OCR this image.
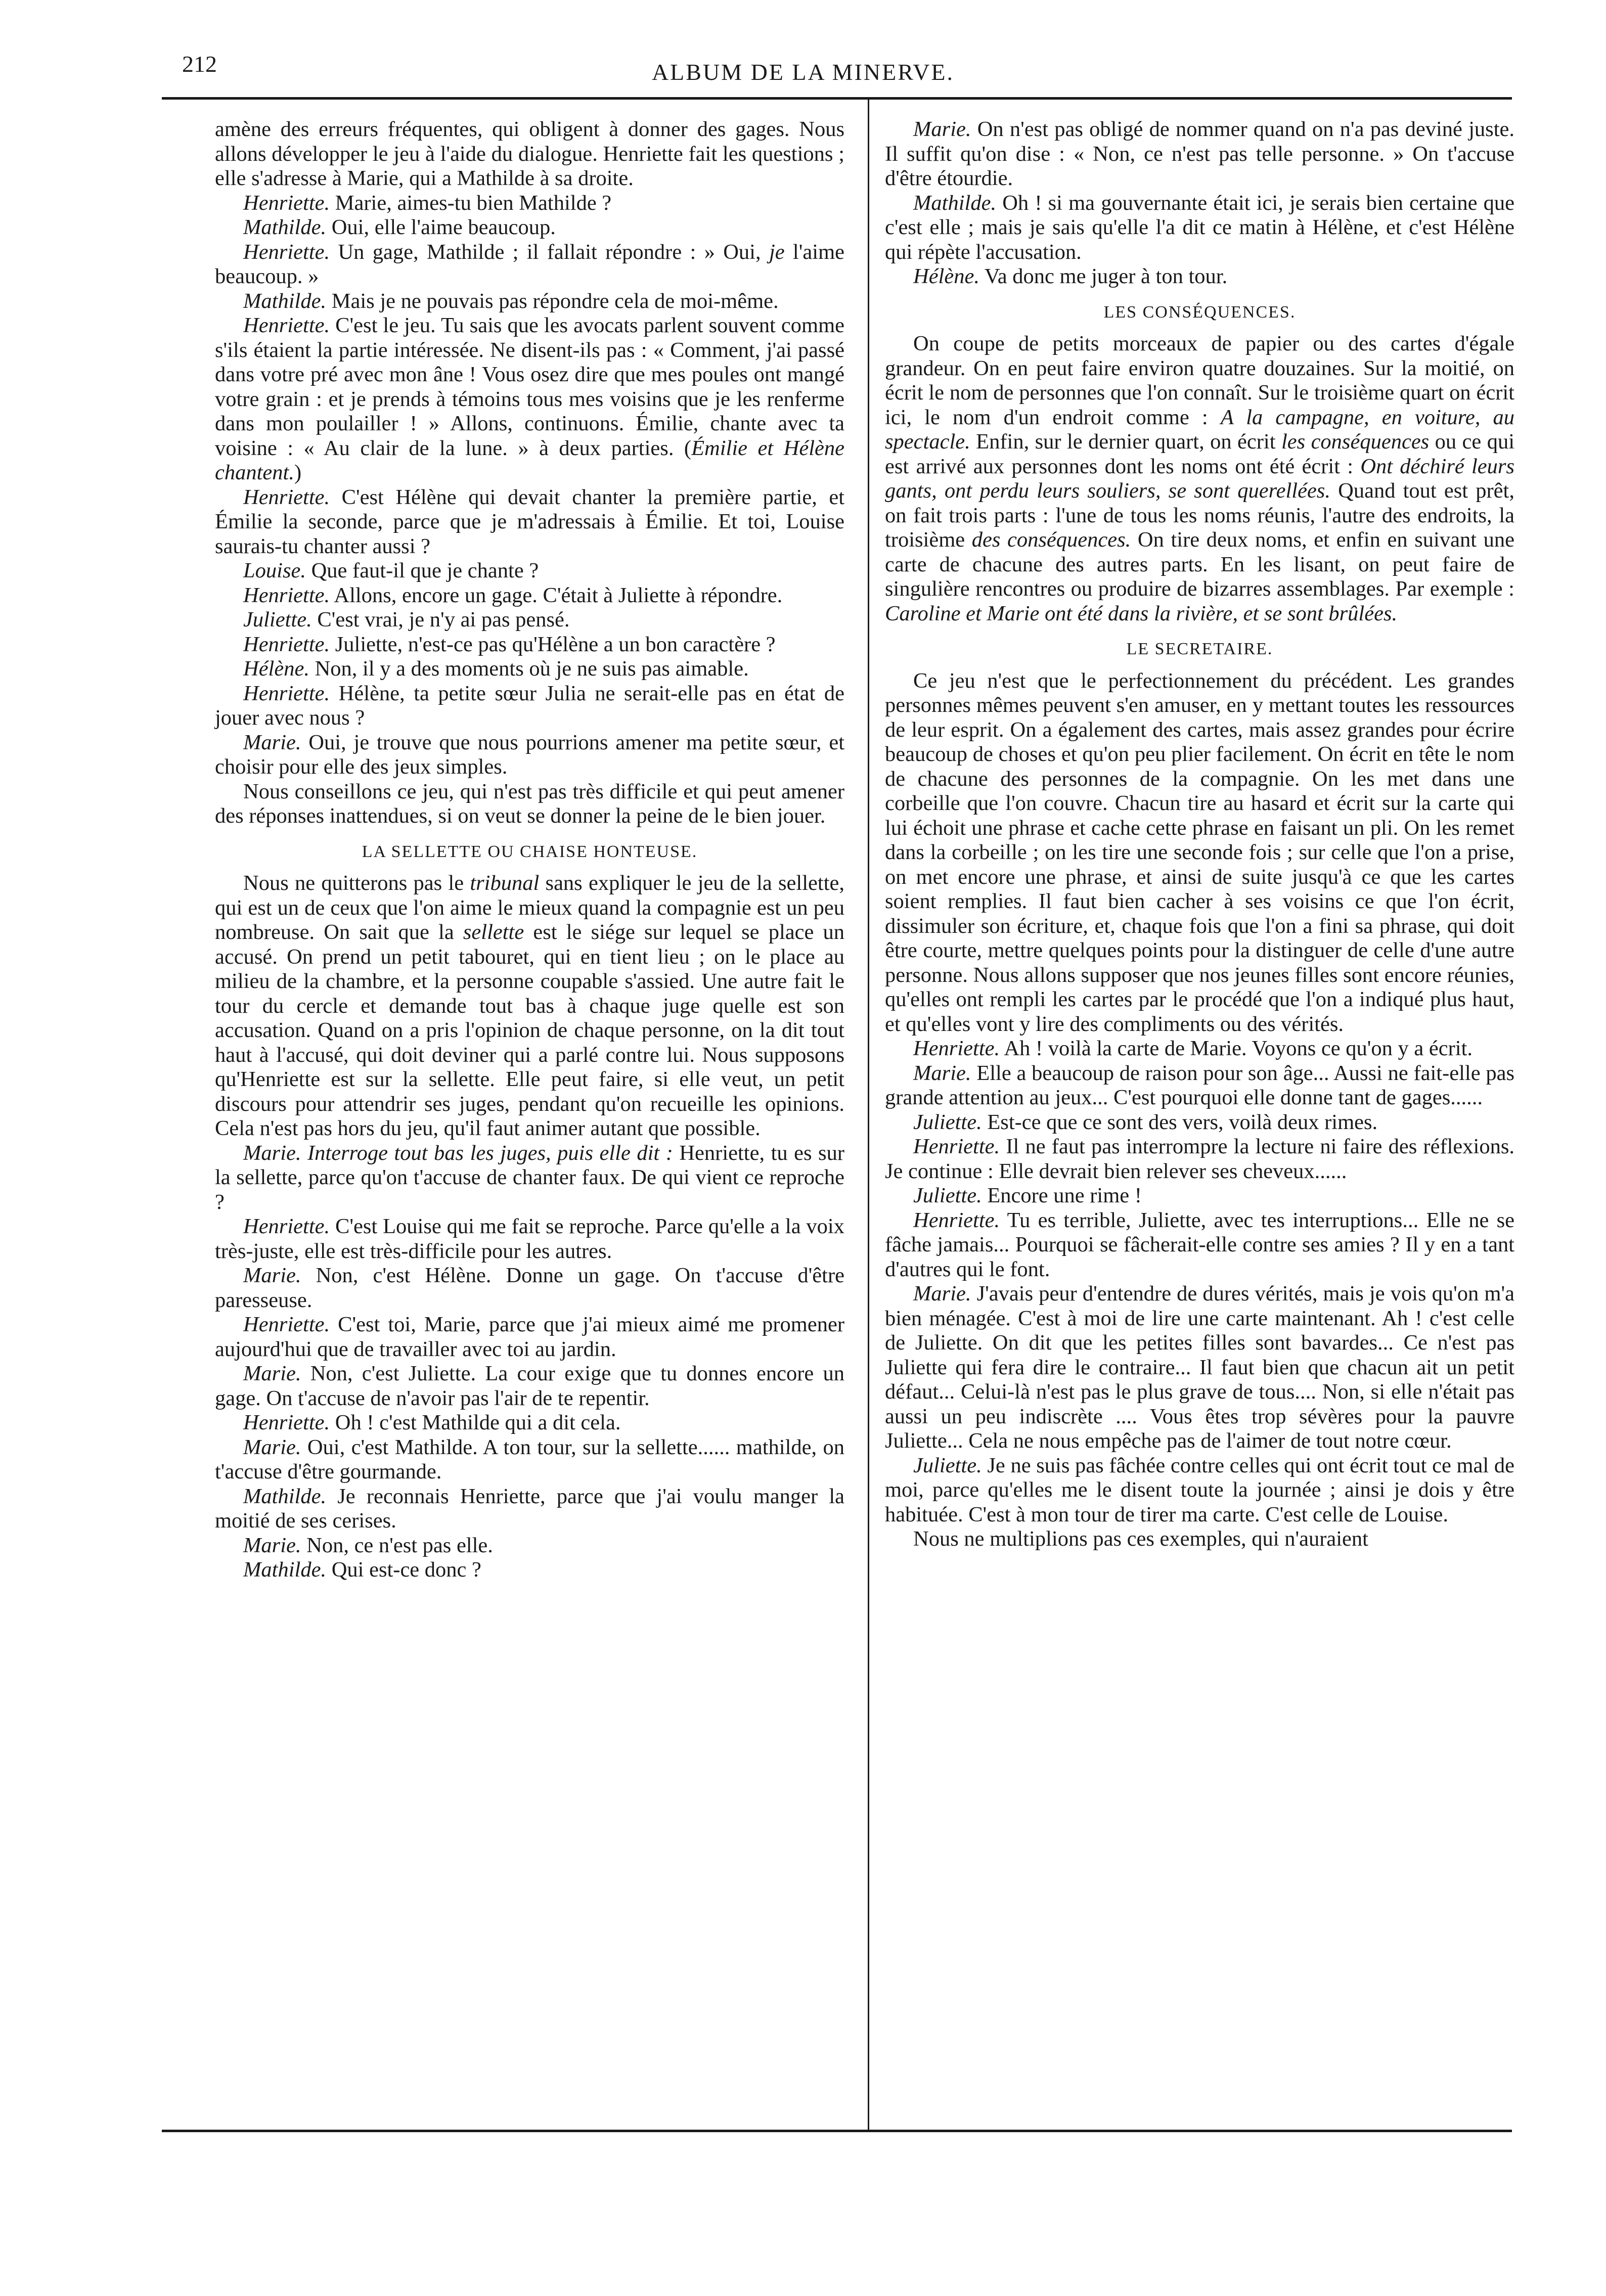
212	ALBUM DE LA MINERVE.

amène des erreurs fréquentes, qui obligent à donner des gages. Nous allons développer le jeu à l'aide du dialogue. Henriette fait les questions ; elle s'adresse à Marie, qui a Mathilde à sa droite.

Henriette. Marie, aimes-tu bien Mathilde ?

Mathilde. Oui, elle l'aime beaucoup.

Henriette. Un gage, Mathilde ; il fallait répondre : » Oui, je l'aime beaucoup. »

Mathilde. Mais je ne pouvais pas répondre cela de moi-même.

Henriette. C'est le jeu. Tu sais que les avocats parlent souvent comme s'ils étaient la partie intéressée. Ne disent-ils pas : « Comment, j'ai passé dans votre pré avec mon âne ! Vous osez dire que mes poules ont mangé votre grain : et je prends à témoins tous mes voisins que je les renferme dans mon poulailler ! » Allons, continuons. Émilie, chante avec ta voisine : « Au clair de la lune. » à deux parties. (Émilie et Hélène chantent.)

Henriette. C'est Hélène qui devait chanter la première partie, et Émilie la seconde, parce que je m'adressais à Émilie. Et toi, Louise saurais-tu chanter aussi ?

Louise. Que faut-il que je chante ?

Henriette. Allons, encore un gage. C'était à Juliette à répondre.

Juliette. C'est vrai, je n'y ai pas pensé.

Henriette. Juliette, n'est-ce pas qu'Hélène a un bon caractère ?

Hélène. Non, il y a des moments où je ne suis pas aimable.

Henriette. Hélène, ta petite sœur Julia ne serait-elle pas en état de jouer avec nous ?

Marie. Oui, je trouve que nous pourrions amener ma petite sœur, et choisir pour elle des jeux simples.

Nous conseillons ce jeu, qui n'est pas très difficile et qui peut amener des réponses inattendues, si on veut se donner la peine de le bien jouer.

LA SELLETTE OU CHAISE HONTEUSE.

Nous ne quitterons pas le tribunal sans expliquer le jeu de la sellette, qui est un de ceux que l'on aime le mieux quand la compagnie est un peu nombreuse. On sait que la sellette est le siége sur lequel se place un accusé. On prend un petit tabouret, qui en tient lieu ; on le place au milieu de la chambre, et la personne coupable s'assied. Une autre fait le tour du cercle et demande tout bas à chaque juge quelle est son accusation. Quand on a pris l'opinion de chaque personne, on la dit tout haut à l'accusé, qui doit deviner qui a parlé contre lui. Nous supposons qu'Henriette est sur la sellette. Elle peut faire, si elle veut, un petit discours pour attendrir ses juges, pendant qu'on recueille les opinions. Cela n'est pas hors du jeu, qu'il faut animer autant que possible.

Marie. Interroge tout bas les juges, puis elle dit : Henriette, tu es sur la sellette, parce qu'on t'accuse de chanter faux. De qui vient ce reproche ?

Henriette. C'est Louise qui me fait se reproche. Parce qu'elle a la voix très-juste, elle est très-difficile pour les autres.

Marie. Non, c'est Hélène. Donne un gage. On t'accuse d'être paresseuse.

Henriette. C'est toi, Marie, parce que j'ai mieux aimé me promener aujourd'hui que de travailler avec toi au jardin.

Marie. Non, c'est Juliette. La cour exige que tu donnes encore un gage. On t'accuse de n'avoir pas l'air de te repentir.

Henriette. Oh ! c'est Mathilde qui a dit cela.

Marie. Oui, c'est Mathilde. A ton tour, sur la sellette...... mathilde, on t'accuse d'être gourmande.

Mathilde. Je reconnais Henriette, parce que j'ai voulu manger la moitié de ses cerises.

Marie. Non, ce n'est pas elle.

Mathilde. Qui est-ce donc ?

Marie. On n'est pas obligé de nommer quand on n'a pas deviné juste. Il suffit qu'on dise : « Non, ce n'est pas telle personne. » On t'accuse d'être étourdie.

Mathilde. Oh ! si ma gouvernante était ici, je serais bien certaine que c'est elle ; mais je sais qu'elle l'a dit ce matin à Hélène, et c'est Hélène qui répète l'accusation.

Hélène. Va donc me juger à ton tour.

LES CONSÉQUENCES.

On coupe de petits morceaux de papier ou des cartes d'égale grandeur. On en peut faire environ quatre douzaines. Sur la moitié, on écrit le nom de personnes que l'on connaît. Sur le troisième quart on écrit ici, le nom d'un endroit comme : A la campagne, en voiture, au spectacle. Enfin, sur le dernier quart, on écrit les conséquences ou ce qui est arrivé aux personnes dont les noms ont été écrit : Ont déchiré leurs gants, ont perdu leurs souliers, se sont querellées. Quand tout est prêt, on fait trois parts : l'une de tous les noms réunis, l'autre des endroits, la troisième des conséquences. On tire deux noms, et enfin en suivant une carte de chacune des autres parts. En les lisant, on peut faire de singulière rencontres ou produire de bizarres assemblages. Par exemple : Caroline et Marie ont été dans la rivière, et se sont brûlées.

LE SECRETAIRE.

Ce jeu n'est que le perfectionnement du précédent. Les grandes personnes mêmes peuvent s'en amuser, en y mettant toutes les ressources de leur esprit. On a également des cartes, mais assez grandes pour écrire beaucoup de choses et qu'on peu plier facilement. On écrit en tête le nom de chacune des personnes de la compagnie. On les met dans une corbeille que l'on couvre. Chacun tire au hasard et écrit sur la carte qui lui échoit une phrase et cache cette phrase en faisant un pli. On les remet dans la corbeille ; on les tire une seconde fois ; sur celle que l'on a prise, on met encore une phrase, et ainsi de suite jusqu'à ce que les cartes soient remplies. Il faut bien cacher à ses voisins ce que l'on écrit, dissimuler son écriture, et, chaque fois que l'on a fini sa phrase, qui doit être courte, mettre quelques points pour la distinguer de celle d'une autre personne. Nous allons supposer que nos jeunes filles sont encore réunies, qu'elles ont rempli les cartes par le procédé que l'on a indiqué plus haut, et qu'elles vont y lire des compliments ou des vérités.

Henriette. Ah ! voilà la carte de Marie. Voyons ce qu'on y a écrit.

Marie. Elle a beaucoup de raison pour son âge... Aussi ne fait-elle pas grande attention au jeux... C'est pourquoi elle donne tant de gages......

Juliette. Est-ce que ce sont des vers, voilà deux rimes.

Henriette. Il ne faut pas interrompre la lecture ni faire des réflexions. Je continue : Elle devrait bien relever ses cheveux......

Juliette. Encore une rime !

Henriette. Tu es terrible, Juliette, avec tes interruptions... Elle ne se fâche jamais... Pourquoi se fâcherait-elle contre ses amies ? Il y en a tant d'autres qui le font.

Marie. J'avais peur d'entendre de dures vérités, mais je vois qu'on m'a bien ménagée. C'est à moi de lire une carte maintenant. Ah ! c'est celle de Juliette. On dit que les petites filles sont bavardes... Ce n'est pas Juliette qui fera dire le contraire... Il faut bien que chacun ait un petit défaut... Celui-là n'est pas le plus grave de tous.... Non, si elle n'était pas aussi un peu indiscrète .... Vous êtes trop sévères pour la pauvre Juliette... Cela ne nous empêche pas de l'aimer de tout notre cœur.

Juliette. Je ne suis pas fâchée contre celles qui ont écrit tout ce mal de moi, parce qu'elles me le disent toute la journée ; ainsi je dois y être habituée. C'est à mon tour de tirer ma carte. C'est celle de Louise.

Nous ne multiplions pas ces exemples, qui n'auraient
